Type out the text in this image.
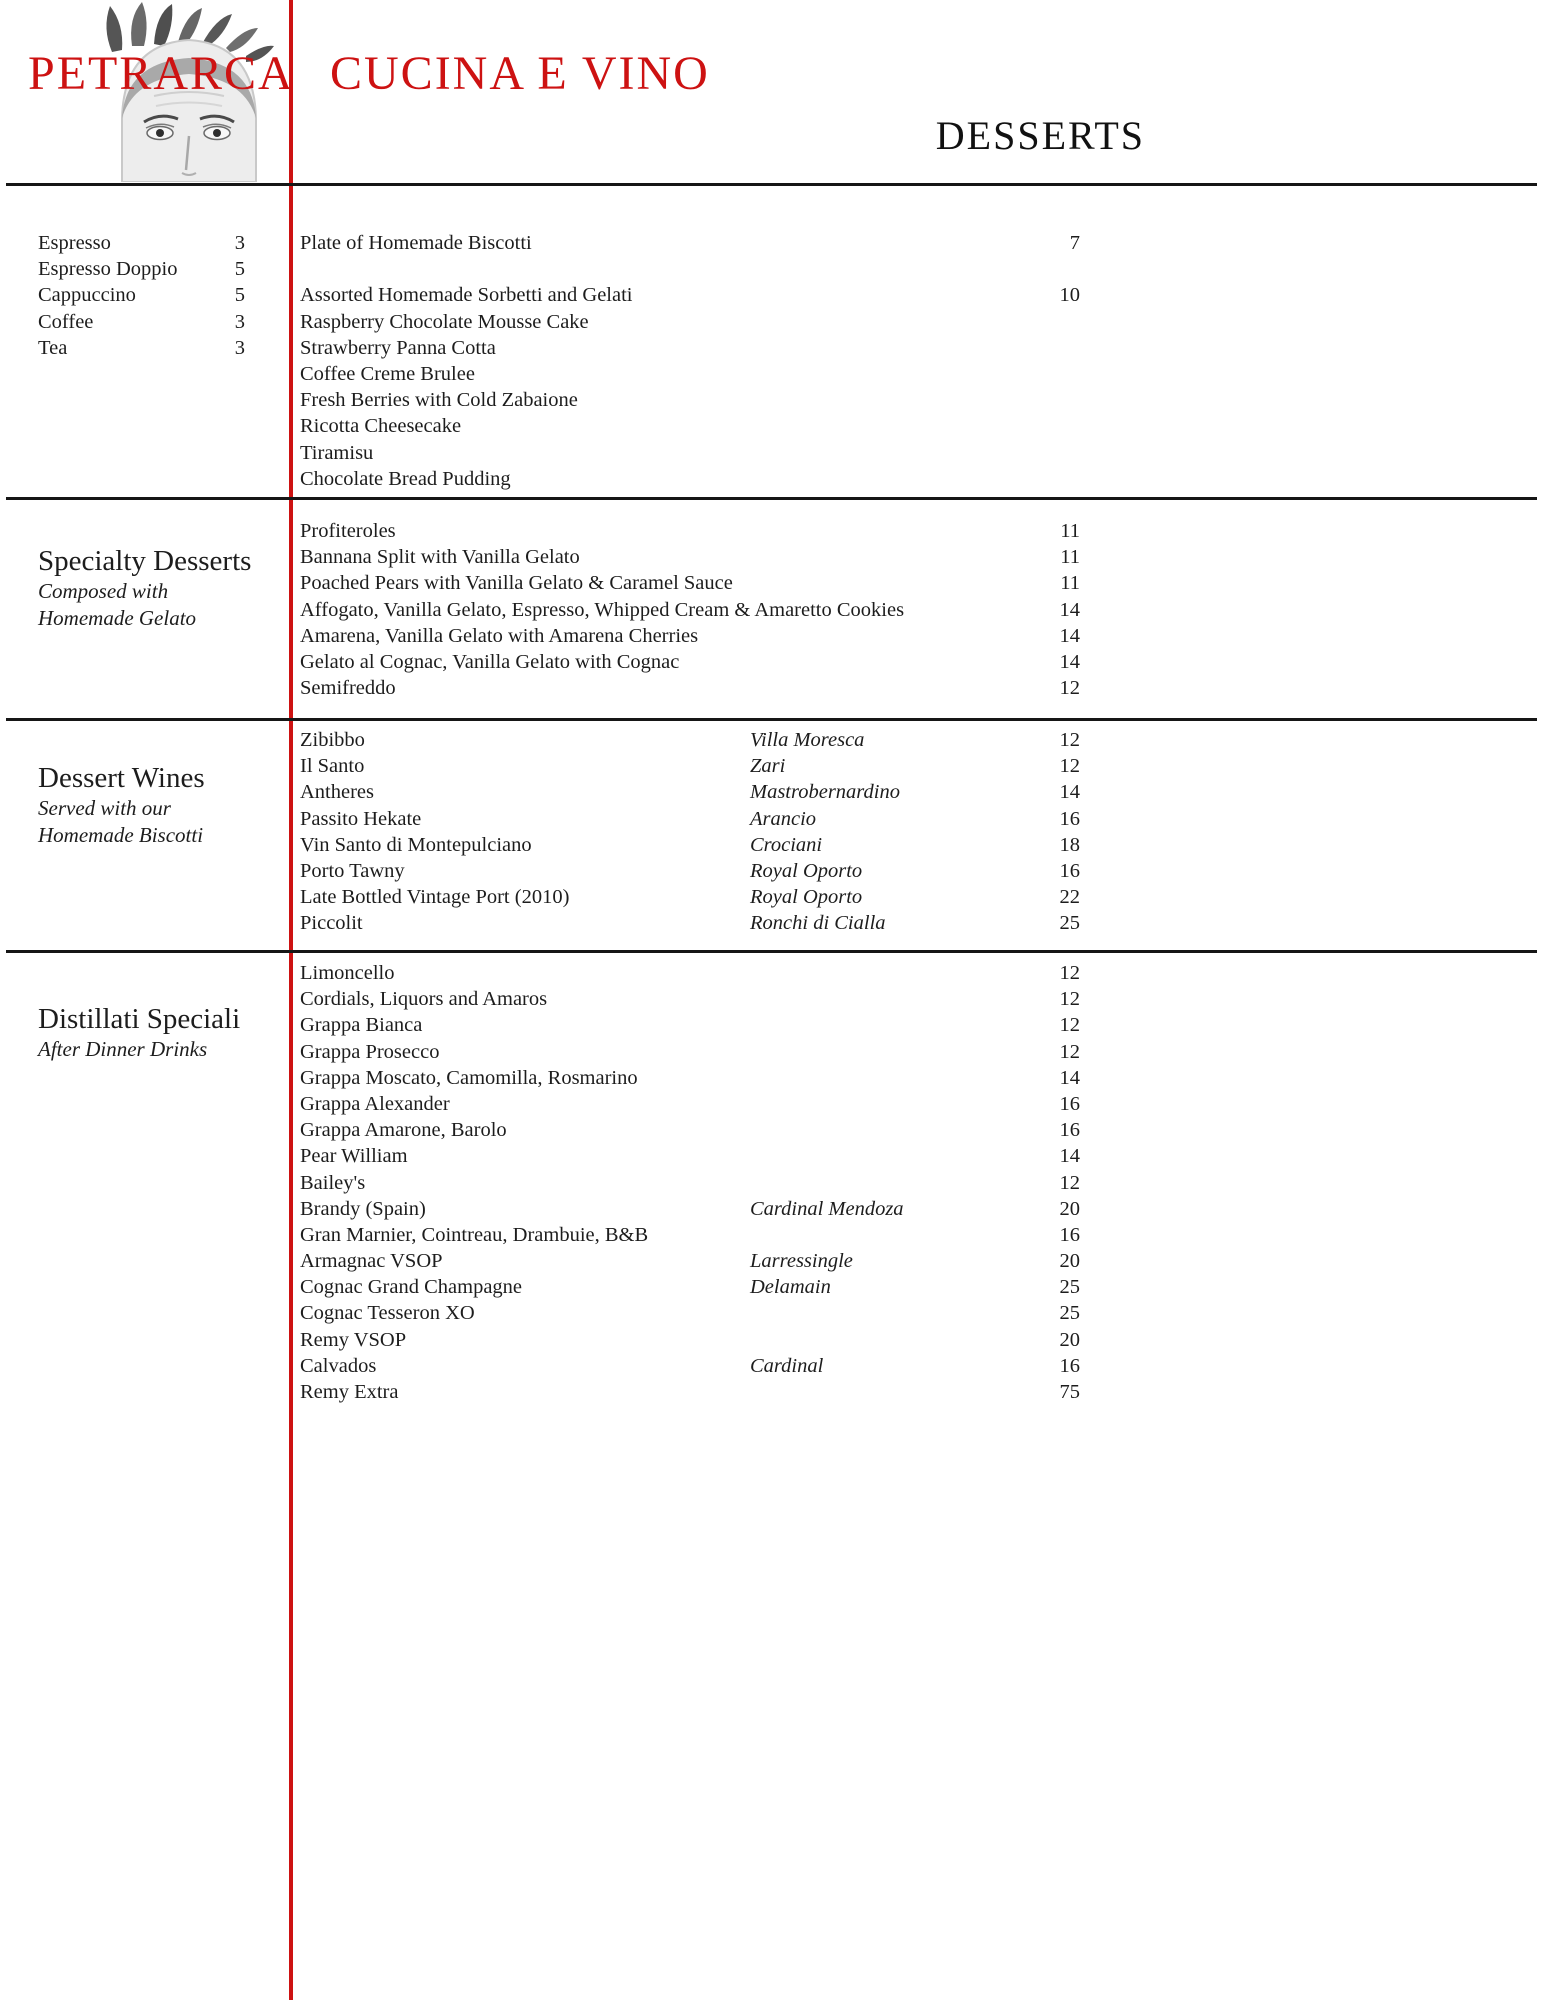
PETRARCA CUCINA E VINO
DESSERTS
Espresso	3
Espresso Doppio	5
Cappuccino	5
Coffee	3
Tea	3
Plate of Homemade Biscotti	7
Assorted Homemade Sorbetti and Gelati	10
Raspberry Chocolate Mousse Cake
Strawberry Panna Cotta
Coffee Creme Brulee
Fresh Berries with Cold Zabaione
Ricotta Cheesecake
Tiramisu
Chocolate Bread Pudding
Specialty Desserts

Composed with

Homemade Gelato

Profiteroles	11
Bannana Split with Vanilla Gelato	11
Poached Pears with Vanilla Gelato & Caramel Sauce	11
Affogato, Vanilla Gelato, Espresso, Whipped Cream & Amaretto Cookies	14
Amarena, Vanilla Gelato with Amarena Cherries	14
Gelato al Cognac, Vanilla Gelato with Cognac	14
Semifreddo	12
Dessert Wines

Served with our

Homemade Biscotti

Zibibbo	Villa Moresca	12
Il Santo	Zari	12
Antheres	Mastrobernardino	14
Passito Hekate	Arancio	16
Vin Santo di Montepulciano	Crociani	18
Porto Tawny	Royal Oporto	16
Late Bottled Vintage Port (2010)	Royal Oporto	22
Piccolit	Ronchi di Cialla	25
Distillati Speciali

After Dinner Drinks

Limoncello	12
Cordials, Liquors and Amaros	12
Grappa Bianca	12
Grappa Prosecco	12
Grappa Moscato, Camomilla, Rosmarino	14
Grappa Alexander	16
Grappa Amarone, Barolo	16
Pear William	14
Bailey's	12
Brandy (Spain)	Cardinal Mendoza	20
Gran Marnier, Cointreau, Drambuie, B&B	16
Armagnac VSOP	Larressingle	20
Cognac Grand Champagne	Delamain	25
Cognac Tesseron XO	25
Remy VSOP	20
Calvados	Cardinal	16
Remy Extra	75
